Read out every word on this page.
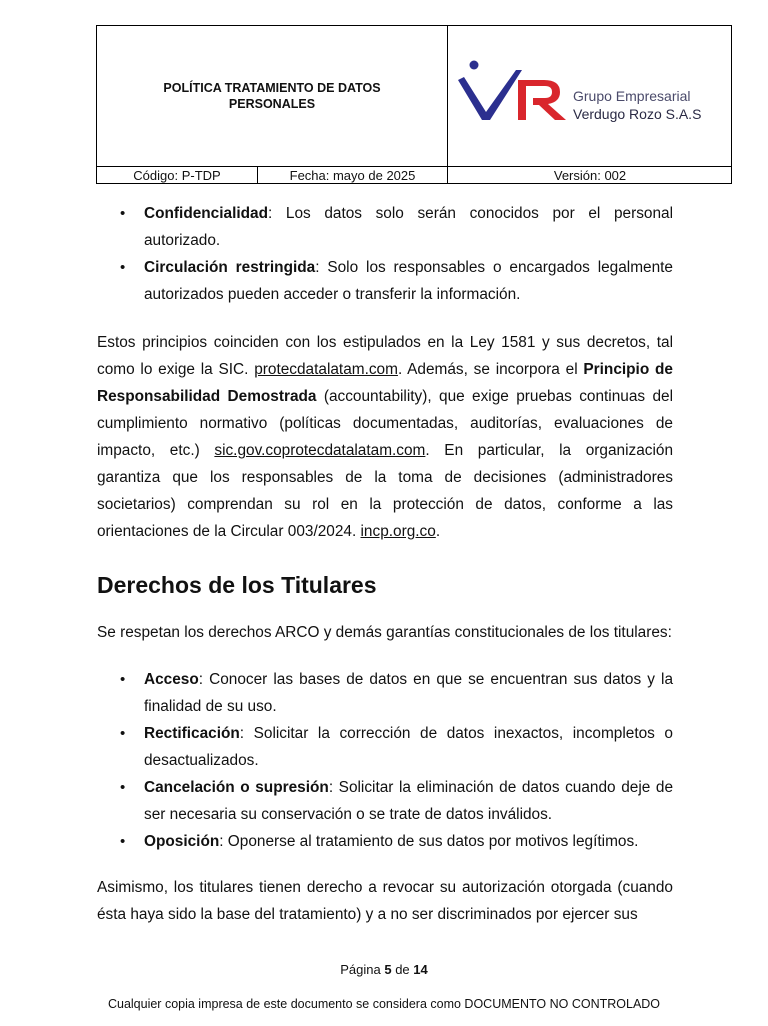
POLÍTICA TRATAMIENTO DE DATOS PERSONALES	Grupo Empresarial
Verdugo Rozo S.A.S
Código: P-TDP	Fecha: mayo de 2025	Versión: 002
• Confidencialidad: Los datos solo serán conocidos por el personal autorizado.
• Circulación restringida: Solo los responsables o encargados legalmente autorizados pueden acceder o transferir la información.

Estos principios coinciden con los estipulados en la Ley 1581 y sus decretos, tal como lo exige la SIC. protecdatalatam.com. Además, se incorpora el Principio de Responsabilidad Demostrada (accountability), que exige pruebas continuas del cumplimiento normativo (políticas documentadas, auditorías, evaluaciones de impacto, etc.) sic.gov.coprotecdatalatam.com. En particular, la organización garantiza que los responsables de la toma de decisiones (administradores societarios) comprendan su rol en la protección de datos, conforme a las orientaciones de la Circular 003/2024. incp.org.co.

Derechos de los Titulares

Se respetan los derechos ARCO y demás garantías constitucionales de los titulares:

• Acceso: Conocer las bases de datos en que se encuentran sus datos y la finalidad de su uso.
• Rectificación: Solicitar la corrección de datos inexactos, incompletos o desactualizados.
• Cancelación o supresión: Solicitar la eliminación de datos cuando deje de ser necesaria su conservación o se trate de datos inválidos.
• Oposición: Oponerse al tratamiento de sus datos por motivos legítimos.

Asimismo, los titulares tienen derecho a revocar su autorización otorgada (cuando ésta haya sido la base del tratamiento) y a no ser discriminados por ejercer sus

Página 5 de 14
Cualquier copia impresa de este documento se considera como DOCUMENTO NO CONTROLADO
